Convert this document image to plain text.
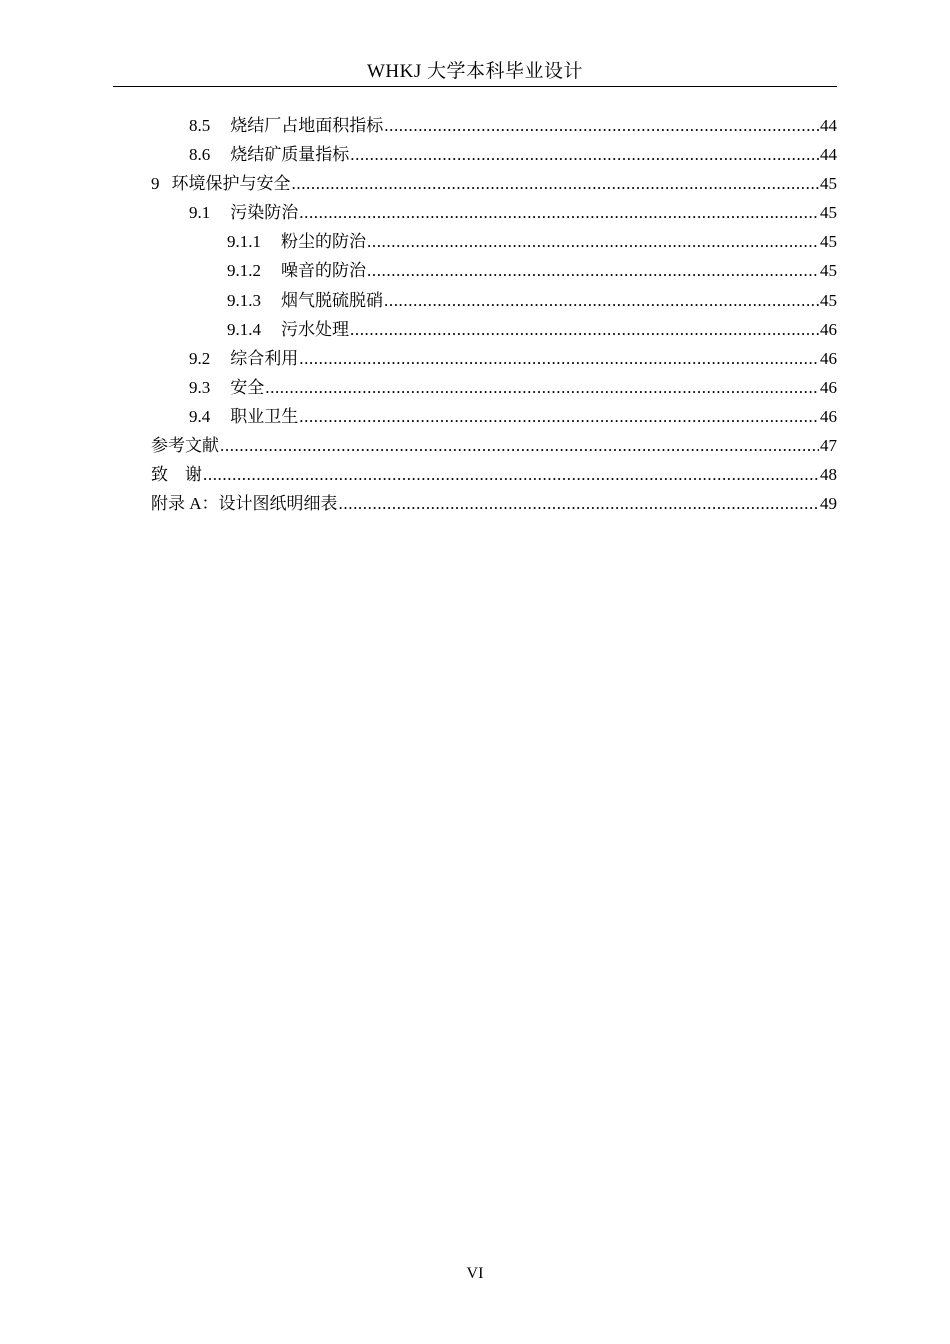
WHKJ 大学本科毕业设计
8.5 烧结厂占地面积指标 .....	44
8.6 烧结矿质量指标 .....	44
9 环境保护与安全 .....	45
9.1 污染防治 .....	45
9.1.1 粉尘的防治 .....	45
9.1.2 噪音的防治 .....	45
9.1.3 烟气脱硫脱硝 .....	45
9.1.4 污水处理 .....	46
9.2 综合利用 .....	46
9.3 安全 .....	46
9.4 职业卫生 .....	46
参考文献 .....	47
致    谢 .....	48
附录 A：设计图纸明细表 .....	49
VI
